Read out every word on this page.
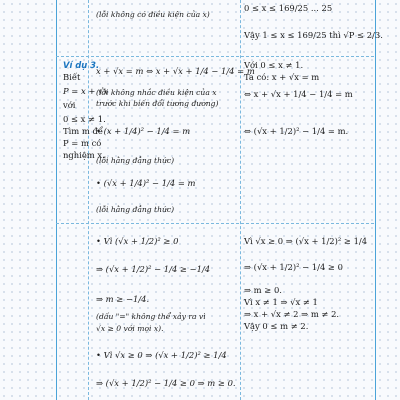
(lỗi không có điều kiện của x)
0 ≤ x ≤ 169/25 ... 25
Vậy 1 ≤ x ≤ 169/25 thì √P ≤ 2/3.
Ví dụ 3.
Biết
P = x + √x
với
0 ≤ x ≠ 1.
Tìm m để
P = m có
nghiệm x.
x + √x = m ⇔ x + √x + 1/4 − 1/4 = m
(lỗi không nhắc điều kiện của x
trước khi biến đổi tương đương)
• (x + 1/4)² − 1/4 = m
(lỗi hằng đẳng thức)
• (√x + 1/4)² − 1/4 = m
(lỗi hằng đẳng thức)
Với 0 ≤ x ≠ 1.
Ta có: x + √x = m
⇔ x + √x + 1/4 − 1/4 = m
⇔ (√x + 1/2)² − 1/4 = m.
• Vì (√x + 1/2)² ≥ 0
⇒ (√x + 1/2)² − 1/4 ≥ −1/4
⇒ m ≥ −1/4.
(dấu "=" không thể xảy ra vì
√x ≥ 0 với mọi x).
• Vì √x ≥ 0 ⇒ (√x + 1/2)² ≥ 1/4
⇒ (√x + 1/2)² − 1/4 ≥ 0 ⇒ m ≥ 0.
Vì √x ≥ 0 ⇒ (√x + 1/2)² ≥ 1/4
⇒ (√x + 1/2)² − 1/4 ≥ 0
⇒ m ≥ 0.
Vì x ≠ 1 ⇒ √x ≠ 1
⇒ x + √x ≠ 2 ⇒ m ≠ 2.
Vậy 0 ≤ m ≠ 2.
